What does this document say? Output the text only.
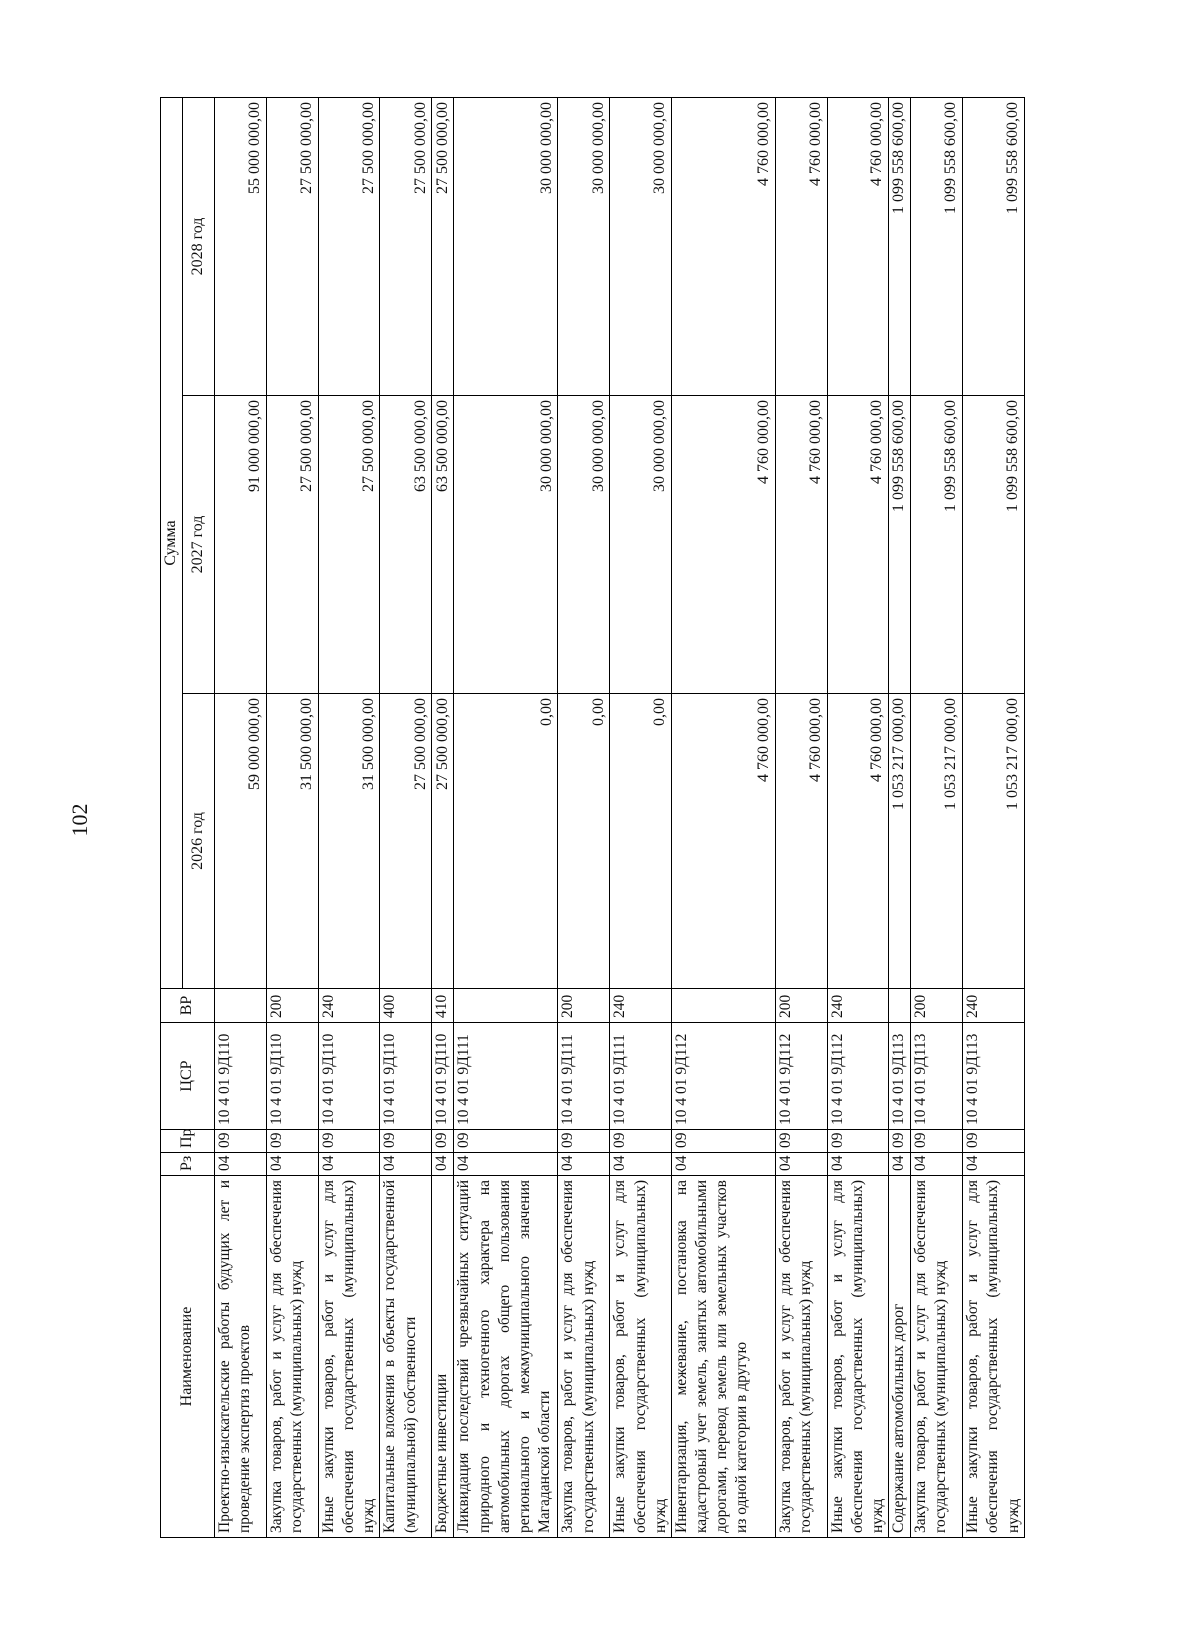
102
Наименование	Рз	Пр	ЦСР	ВР	Сумма		
					2026 год	2027 год	2028 год
Проектно-изыскательские работы будущих лет и проведение экспертиз проектов	04	09	10 4 01 9Д110		59 000 000,00	91 000 000,00	55 000 000,00
Закупка товаров, работ и услуг для обеспечения государственных (муниципальных) нужд	04	09	10 4 01 9Д110	200	31 500 000,00	27 500 000,00	27 500 000,00
Иные закупки товаров, работ и услуг для обеспечения государственных (муниципальных) нужд	04	09	10 4 01 9Д110	240	31 500 000,00	27 500 000,00	27 500 000,00
Капитальные вложения в объекты государственной (муниципальной) собственности	04	09	10 4 01 9Д110	400	27 500 000,00	63 500 000,00	27 500 000,00
Бюджетные инвестиции	04	09	10 4 01 9Д110	410	27 500 000,00	63 500 000,00	27 500 000,00
Ликвидация последствий чрезвычайных ситуаций природного и техногенного характера на автомобильных дорогах общего пользования регионального и межмуниципального значения Магаданской области	04	09	10 4 01 9Д111		0,00	30 000 000,00	30 000 000,00
Закупка товаров, работ и услуг для обеспечения государственных (муниципальных) нужд	04	09	10 4 01 9Д111	200	0,00	30 000 000,00	30 000 000,00
Иные закупки товаров, работ и услуг для обеспечения государственных (муниципальных) нужд	04	09	10 4 01 9Д111	240	0,00	30 000 000,00	30 000 000,00
Инвентаризация, межевание, постановка на кадастровый учет земель, занятых автомобильными дорогами, перевод земель или земельных участков из одной категории в другую	04	09	10 4 01 9Д112		4 760 000,00	4 760 000,00	4 760 000,00
Закупка товаров, работ и услуг для обеспечения государственных (муниципальных) нужд	04	09	10 4 01 9Д112	200	4 760 000,00	4 760 000,00	4 760 000,00
Иные закупки товаров, работ и услуг для обеспечения государственных (муниципальных) нужд	04	09	10 4 01 9Д112	240	4 760 000,00	4 760 000,00	4 760 000,00
Содержание автомобильных дорог	04	09	10 4 01 9Д113		1 053 217 000,00	1 099 558 600,00	1 099 558 600,00
Закупка товаров, работ и услуг для обеспечения государственных (муниципальных) нужд	04	09	10 4 01 9Д113	200	1 053 217 000,00	1 099 558 600,00	1 099 558 600,00
Иные закупки товаров, работ и услуг для обеспечения государственных (муниципальных) нужд	04	09	10 4 01 9Д113	240	1 053 217 000,00	1 099 558 600,00	1 099 558 600,00
